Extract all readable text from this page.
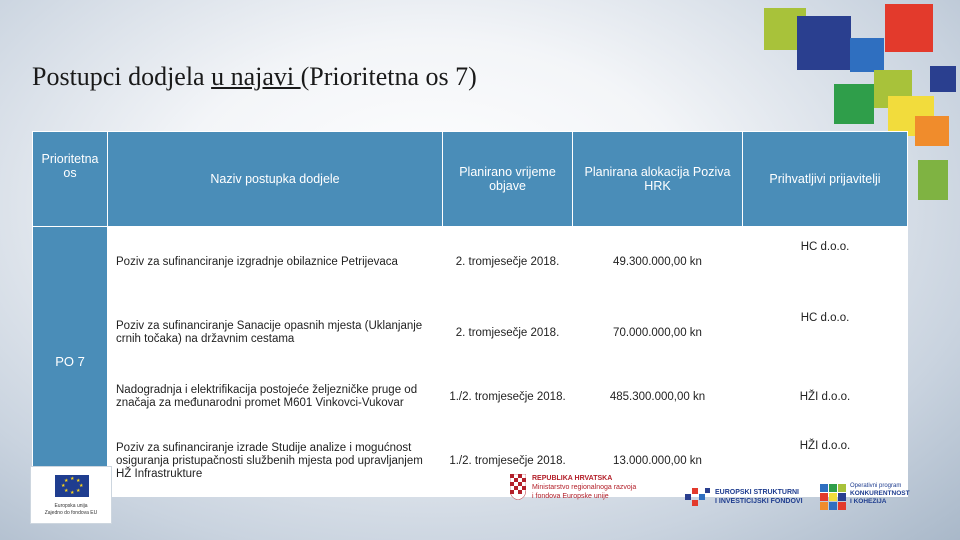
Postupci dodjela u najavi (Prioritetna os 7)
Prioritetna os	Naziv postupka dodjele	Planirano vrijeme objave	Planirana alokacija Poziva HRK	Prihvatljivi prijavitelji
PO 7	Poziv za sufinanciranje izgradnje obilaznice Petrijevaca	2. tromjesečje 2018.	49.300.000,00 kn	HC d.o.o.
	Poziv za sufinanciranje Sanacije opasnih mjesta (Uklanjanje crnih točaka) na državnim cestama	2. tromjesečje 2018.	70.000.000,00 kn	HC d.o.o.
	Nadogradnja i elektrifikacija postojeće željezničke pruge od značaja za međunarodni promet M601 Vinkovci-Vukovar	1./2. tromjesečje 2018.	485.300.000,00 kn	HŽI d.o.o.
	Poziv za sufinanciranje izrade Studije analize i mogućnost osiguranja pristupačnosti službenih mjesta pod upravljanjem HŽ Infrastrukture	1./2. tromjesečje 2018.	13.000.000,00 kn	HŽI d.o.o.
★ ★
★
★
★
★
★
★
Europska unija
Zajedno do fondova EU
REPUBLIKA HRVATSKA
Ministarstvo regionalnoga razvoja
i fondova Europske unije
EUROPSKI STRUKTURNI
I INVESTICIJSKI FONDOVI
Operativni program
KONKURENTNOST
I KOHEZIJA
